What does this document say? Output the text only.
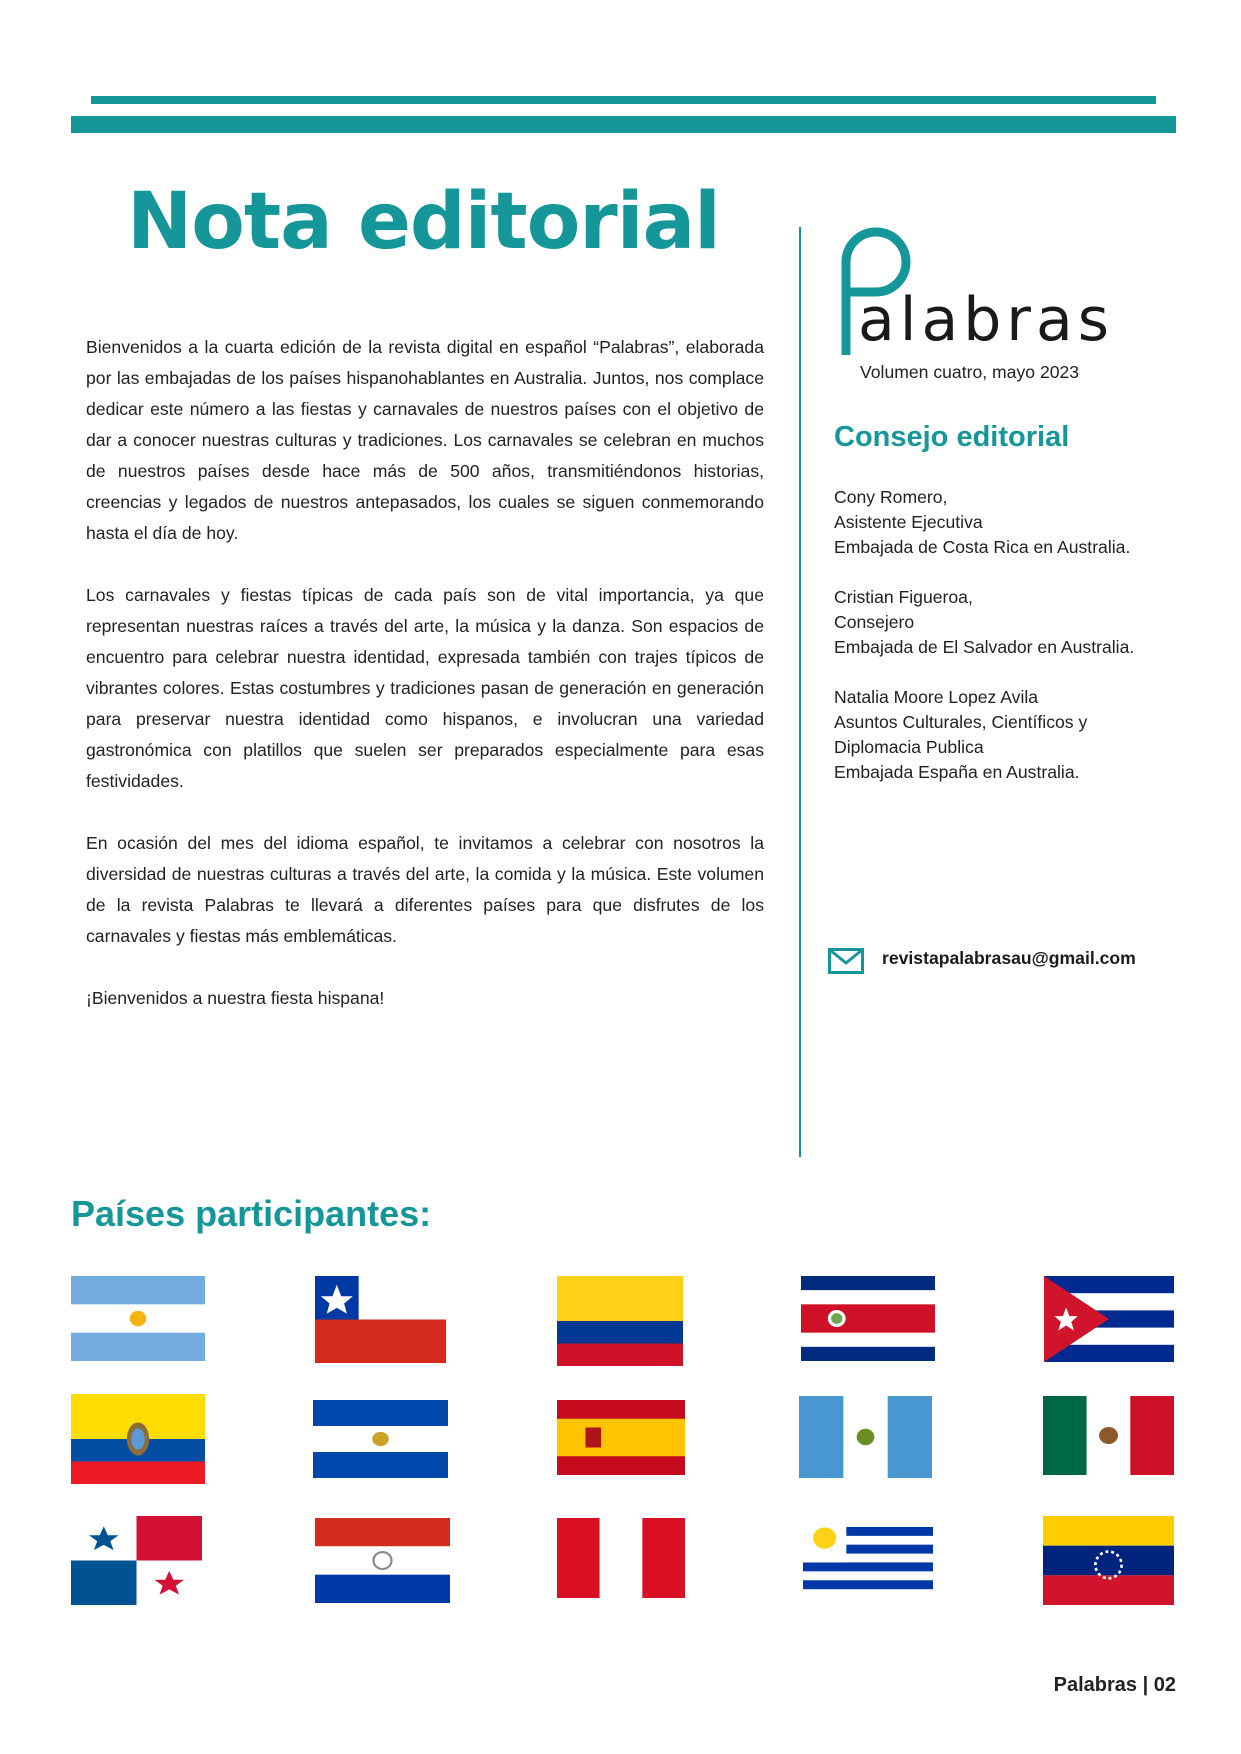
Nota editorial

Bienvenidos a la cuarta edición de la revista digital en español “Palabras”, elaborada por las embajadas de los países hispanohablantes en Australia. Juntos, nos complace dedicar este número a las fiestas y carnavales de nuestros países con el objetivo de dar a conocer nuestras culturas y tradiciones. Los carnavales se celebran en muchos de nuestros países desde hace más de 500 años, transmitiéndonos historias, creencias y legados de nuestros antepasados, los cuales se siguen conmemorando hasta el día de hoy.

Los carnavales y fiestas típicas de cada país son de vital importancia, ya que representan nuestras raíces a través del arte, la música y la danza. Son espacios de encuentro para celebrar nuestra identidad, expresada también con trajes típicos de vibrantes colores. Estas costumbres y tradiciones pasan de generación en generación para preservar nuestra identidad como hispanos, e involucran una variedad gastronómica con platillos que suelen ser preparados especialmente para esas festividades.

En ocasión del mes del idioma español, te invitamos a celebrar con nosotros la diversidad de nuestras culturas a través del arte, la comida y la música. Este volumen de la revista Palabras te llevará a diferentes países para que disfrutes de los carnavales y fiestas más emblemáticas.

¡Bienvenidos a nuestra fiesta hispana!

alabras
Volumen cuatro, mayo 2023
Consejo editorial
Cony Romero,
Asistente Ejecutiva
Embajada de Costa Rica en Australia.
Cristian Figueroa,
Consejero
Embajada de El Salvador en Australia.
Natalia Moore Lopez Avila
Asuntos Culturales, Científicos y
Diplomacia Publica
Embajada España en Australia.
revistapalabrasau@gmail.com
Países participantes:
Palabras | 02
